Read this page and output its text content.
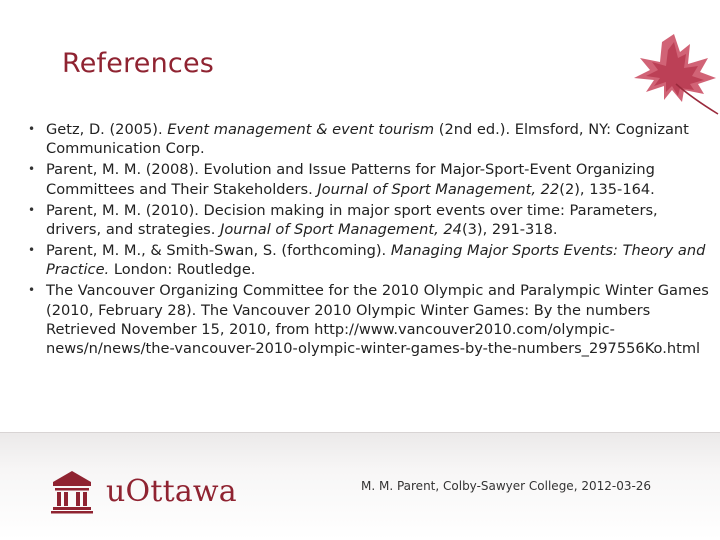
References
• Getz, D. (2005). Event management & event tourism (2nd ed.). Elmsford, NY: Cognizant Communication Corp.
• Parent, M. M. (2008). Evolution and Issue Patterns for Major-Sport-Event Organizing Committees and Their Stakeholders. Journal of Sport Management, 22(2), 135-164.
• Parent, M. M. (2010). Decision making in major sport events over time: Parameters, drivers, and strategies. Journal of Sport Management, 24(3), 291-318.
• Parent, M. M., & Smith-Swan, S. (forthcoming). Managing Major Sports Events: Theory and Practice. London: Routledge.
• The Vancouver Organizing Committee for the 2010 Olympic and Paralympic Winter Games (2010, February 28). The Vancouver 2010 Olympic Winter Games: By the numbers Retrieved November 15, 2010, from http://www.vancouver2010.com/olympic-news/n/news/the-vancouver-2010-olympic-winter-games-by-the-numbers_297556Ko.html
uOttawa	M. M. Parent, Colby-Sawyer College, 2012-03-26
